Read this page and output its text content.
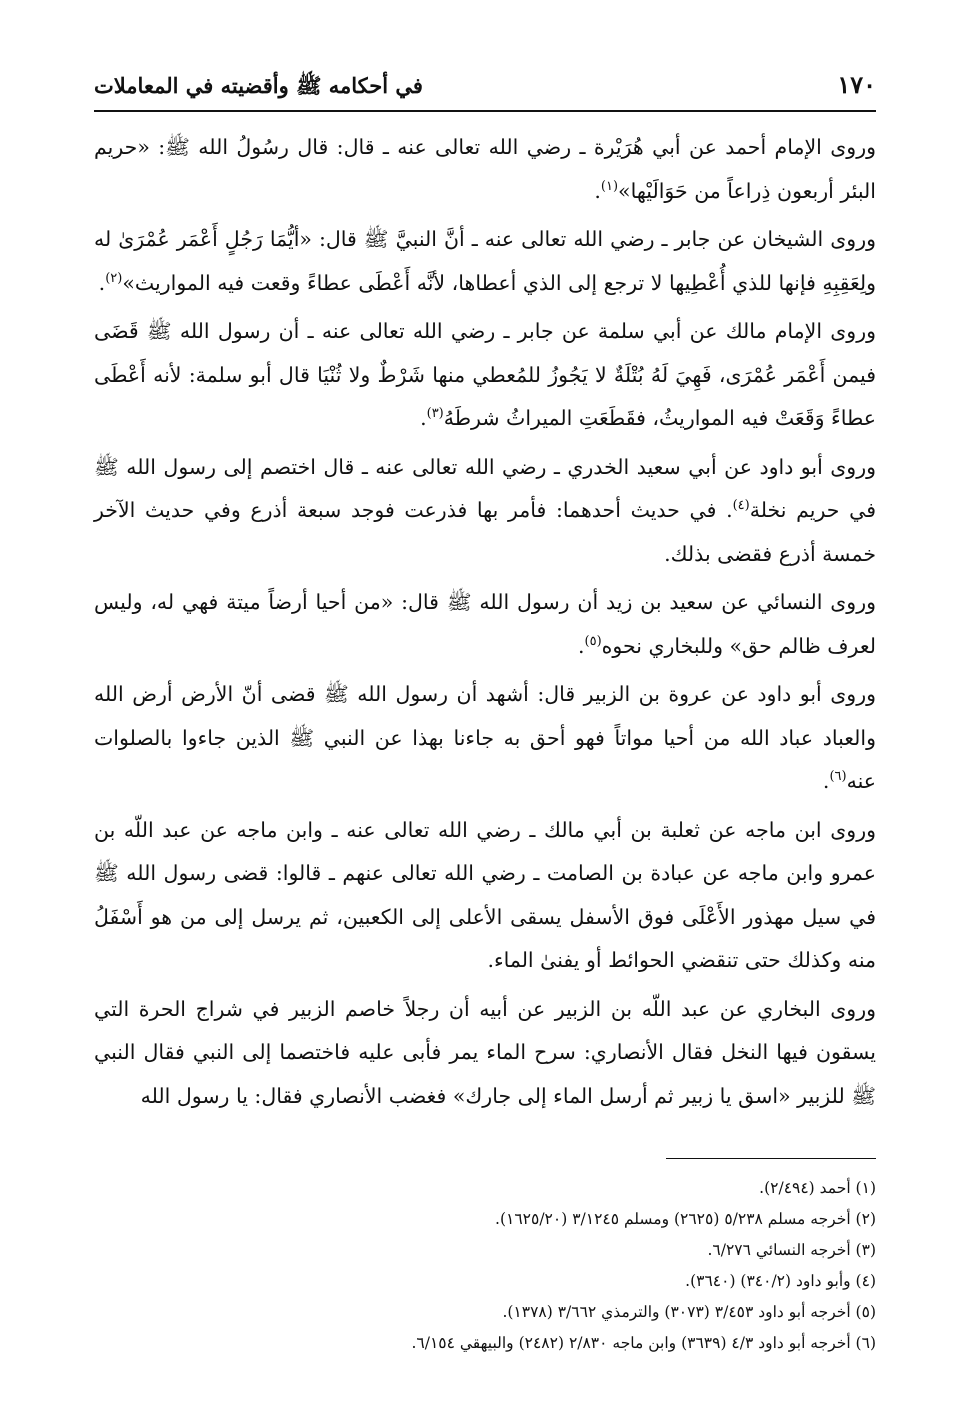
١٧٠
في أحكامه ﷺ وأقضيته في المعاملات

وروى الإمام أحمد عن أبي هُرَيْرة ـ رضي الله تعالى عنه ـ قال: قال رسُولُ الله ﷺ: «حريم البئر أربعون ذِراعاً من حَوَالَيْها»$^{(١)}$.

وروى الشيخان عن جابر ـ رضي الله تعالى عنه ـ أنَّ النبيَّ ﷺ قال: «أيُّمَا رَجُلٍ أَعْمَر عُمْرَىٰ له ولِعَقِبِهِ فإنها للذي أُعْطِيها لا ترجع إلى الذي أعطاها، لأنَّه أَعْطَى عطاءً وقعت فيه المواريث»$^{(٢)}$.

وروى الإمام مالك عن أبي سلمة عن جابر ـ رضي الله تعالى عنه ـ أن رسول الله ﷺ قَضَى فيمن أَعْمَر عُمْرَى، فَهِيَ لَهُ بُتْلَةٌ لا يَجُوزُ للمُعطي منها شَرْطٌ ولا ثُنْيَا قال أبو سلمة: لأنه أَعْطَى عطاءً وَقَعَتْ فيه المواريثُ، فقَطَعَتِ الميراثُ شرطَهُ$^{(٣)}$.

وروى أبو داود عن أبي سعيد الخدري ـ رضي الله تعالى عنه ـ قال اختصم إلى رسول الله ﷺ في حريم نخلة$^{(٤)}$. في حديث أحدهما: فأمر بها فذرعت فوجد سبعة أذرع وفي حديث الآخر خمسة أذرع فقضى بذلك.

وروى النسائي عن سعيد بن زيد أن رسول الله ﷺ قال: «من أحيا أرضاً ميتة فهي له، وليس لعرف ظالم حق» وللبخاري نحوه$^{(٥)}$.

وروى أبو داود عن عروة بن الزبير قال: أشهد أن رسول الله ﷺ قضى أنّ الأرض أرض الله والعباد عباد الله من أحيا مواتاً فهو أحق به جاءنا بهذا عن النبي ﷺ الذين جاءوا بالصلوات عنه$^{(٦)}$.

وروى ابن ماجه عن ثعلبة بن أبي مالك ـ رضي الله تعالى عنه ـ وابن ماجه عن عبد اللّه بن عمرو وابن ماجه عن عبادة بن الصامت ـ رضي الله تعالى عنهم ـ قالوا: قضى رسول الله ﷺ في سيل مهذور الأَعْلَى فوق الأسفل يسقى الأعلى إلى الكعبين، ثم يرسل إلى من هو أَسْفَلُ منه وكذلك حتى تنقضي الحوائط أو يفنىٰ الماء.

وروى البخاري عن عبد اللّه بن الزبير عن أبيه أن رجلاً خاصم الزبير في شراج الحرة التي يسقون فيها النخل فقال الأنصاري: سرح الماء يمر فأبى عليه فاختصما إلى النبي فقال النبي ﷺ للزبير «اسق يا زبير ثم أرسل الماء إلى جارك» فغضب الأنصاري فقال: يا رسول الله

(١) أحمد (٢/٤٩٤).

(٢) أخرجه مسلم ٥/٢٣٨ (٢٦٢٥) ومسلم ٣/١٢٤٥ (١٦٢٥/٢٠).

(٣) أخرجه النسائي ٦/٢٧٦.

(٤) وأبو داود (٣٤٠/٢) (٣٦٤٠).

(٥) أخرجه أبو داود ٣/٤٥٣ (٣٠٧٣) والترمذي ٣/٦٦٢ (١٣٧٨).

(٦) أخرجه أبو داود ٤/٣ (٣٦٣٩) وابن ماجه ٢/٨٣٠ (٢٤٨٢) والبيهقي ٦/١٥٤.
